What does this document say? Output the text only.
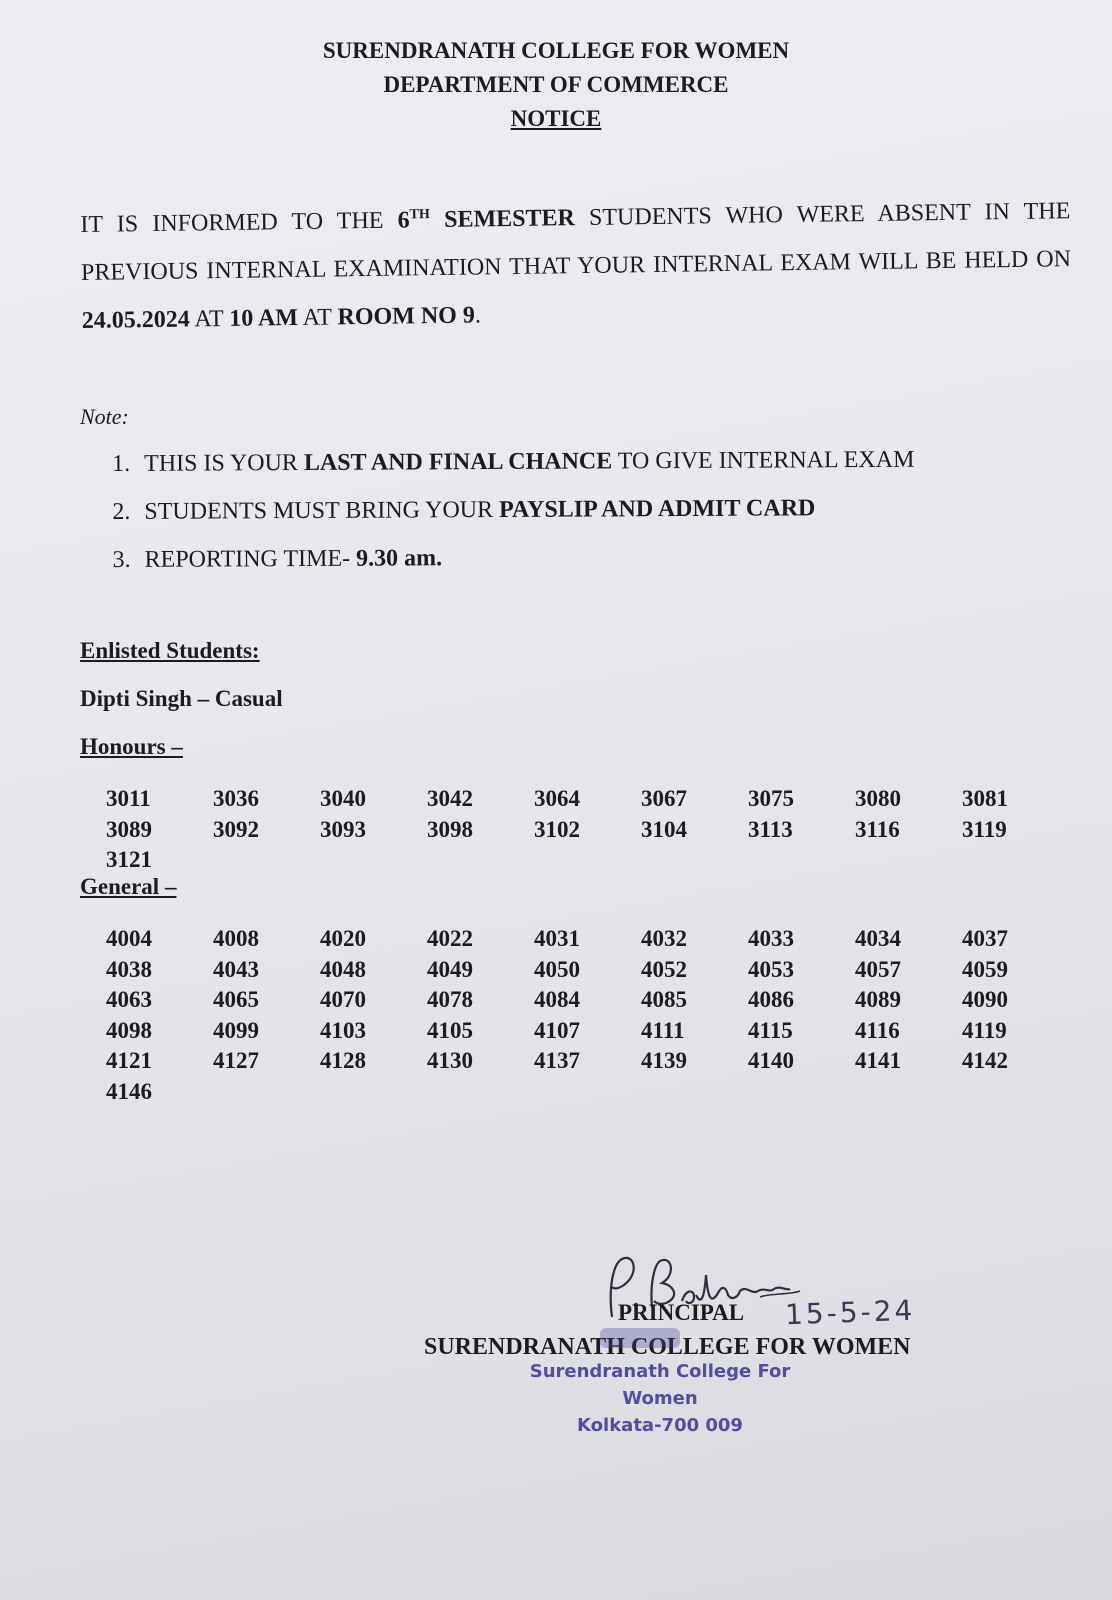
SURENDRANATH COLLEGE FOR WOMEN
DEPARTMENT OF COMMERCE
NOTICE
IT IS INFORMED TO THE 6TH SEMESTER STUDENTS WHO WERE ABSENT IN THE PREVIOUS INTERNAL EXAMINATION THAT YOUR INTERNAL EXAM WILL BE HELD ON 24.05.2024 AT 10 AM AT ROOM NO 9.
Note:
1. THIS IS YOUR LAST AND FINAL CHANCE TO GIVE INTERNAL EXAM
2. STUDENTS MUST BRING YOUR PAYSLIP AND ADMIT CARD
3. REPORTING TIME- 9.30 am.
Enlisted Students:
Dipti Singh – Casual
Honours –
3011	3036	3040	3042	3064	3067	3075	3080	3081
3089	3092	3093	3098	3102	3104	3113	3116	3119
3121
General –
4004	4008	4020	4022	4031	4032	4033	4034	4037
4038	4043	4048	4049	4050	4052	4053	4057	4059
4063	4065	4070	4078	4084	4085	4086	4089	4090
4098	4099	4103	4105	4107	4111	4115	4116	4119
4121	4127	4128	4130	4137	4139	4140	4141	4142
4146
PRINCIPAL 15-5-24
SURENDRANATH COLLEGE FOR WOMEN
Surendranath College For Women
Kolkata-700 009
